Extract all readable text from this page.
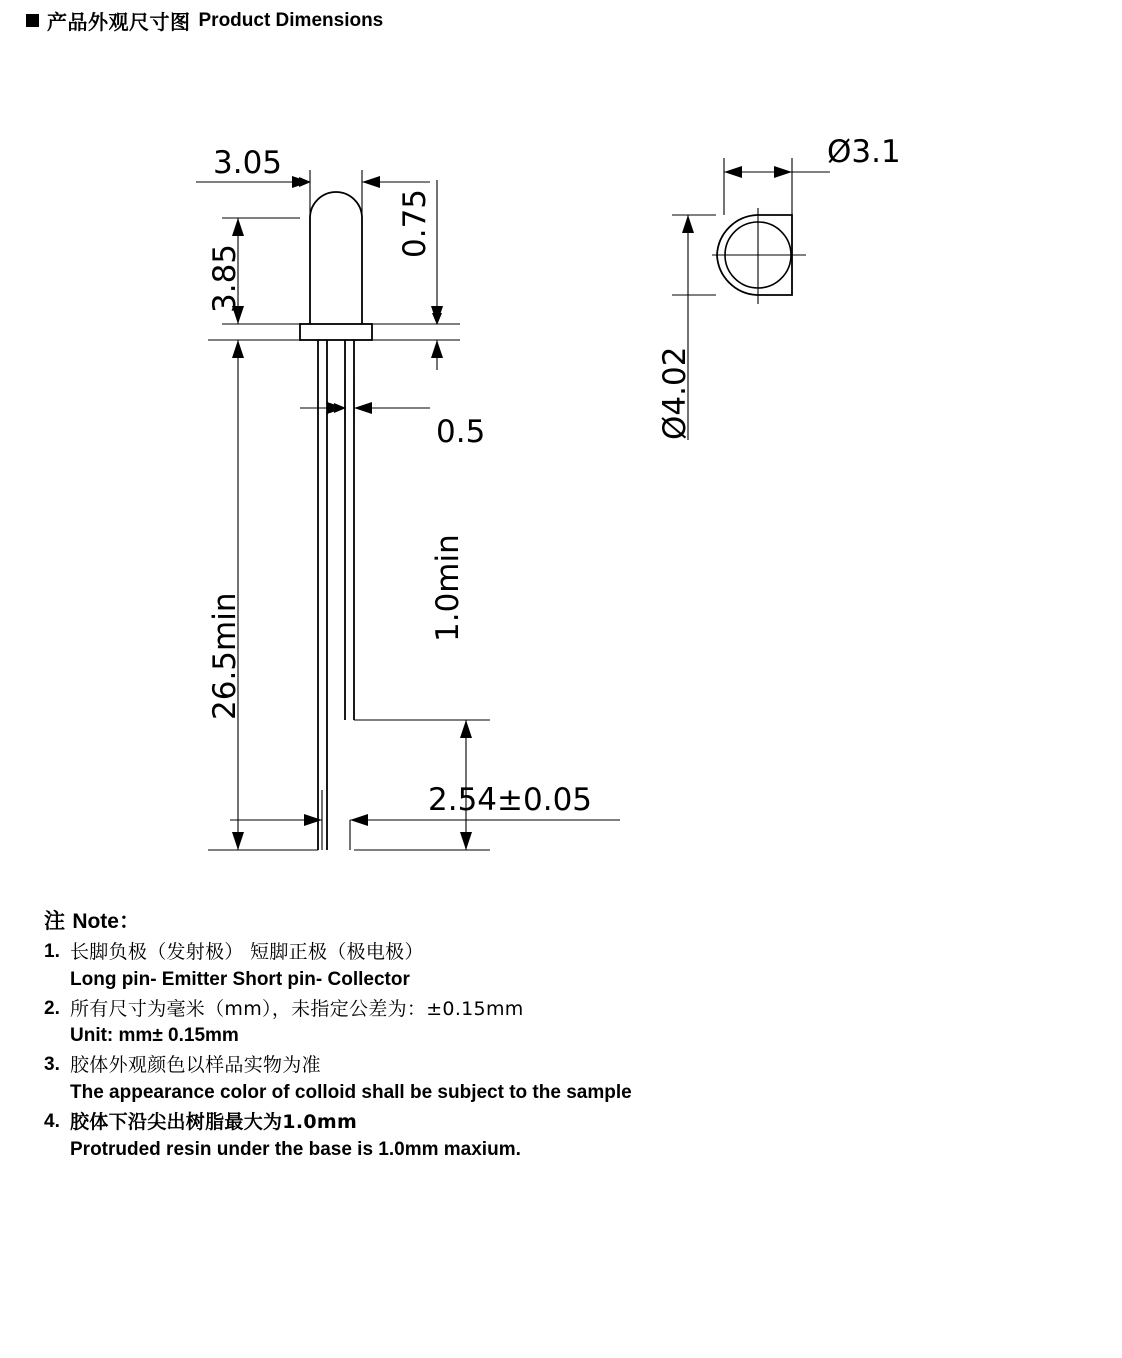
产品外观尺寸图 Product Dimensions
3.05
0.75
3.85
26.5min
0.5
1.0min
2.54±0.05
Ø3.1
Ø4.02
注 Note：
1. 长脚负极（发射极） 短脚正极（极电极）
Long pin- Emitter Short pin- Collector
2. 所有尺寸为毫米（mm），未指定公差为：±0.15mm
Unit: mm± 0.15mm
3. 胶体外观颜色以样品实物为准
The appearance color of colloid shall be subject to the sample
4. 胶体下沿尖出树脂最大为1.0mm
Protruded resin under the base is 1.0mm maxium.
